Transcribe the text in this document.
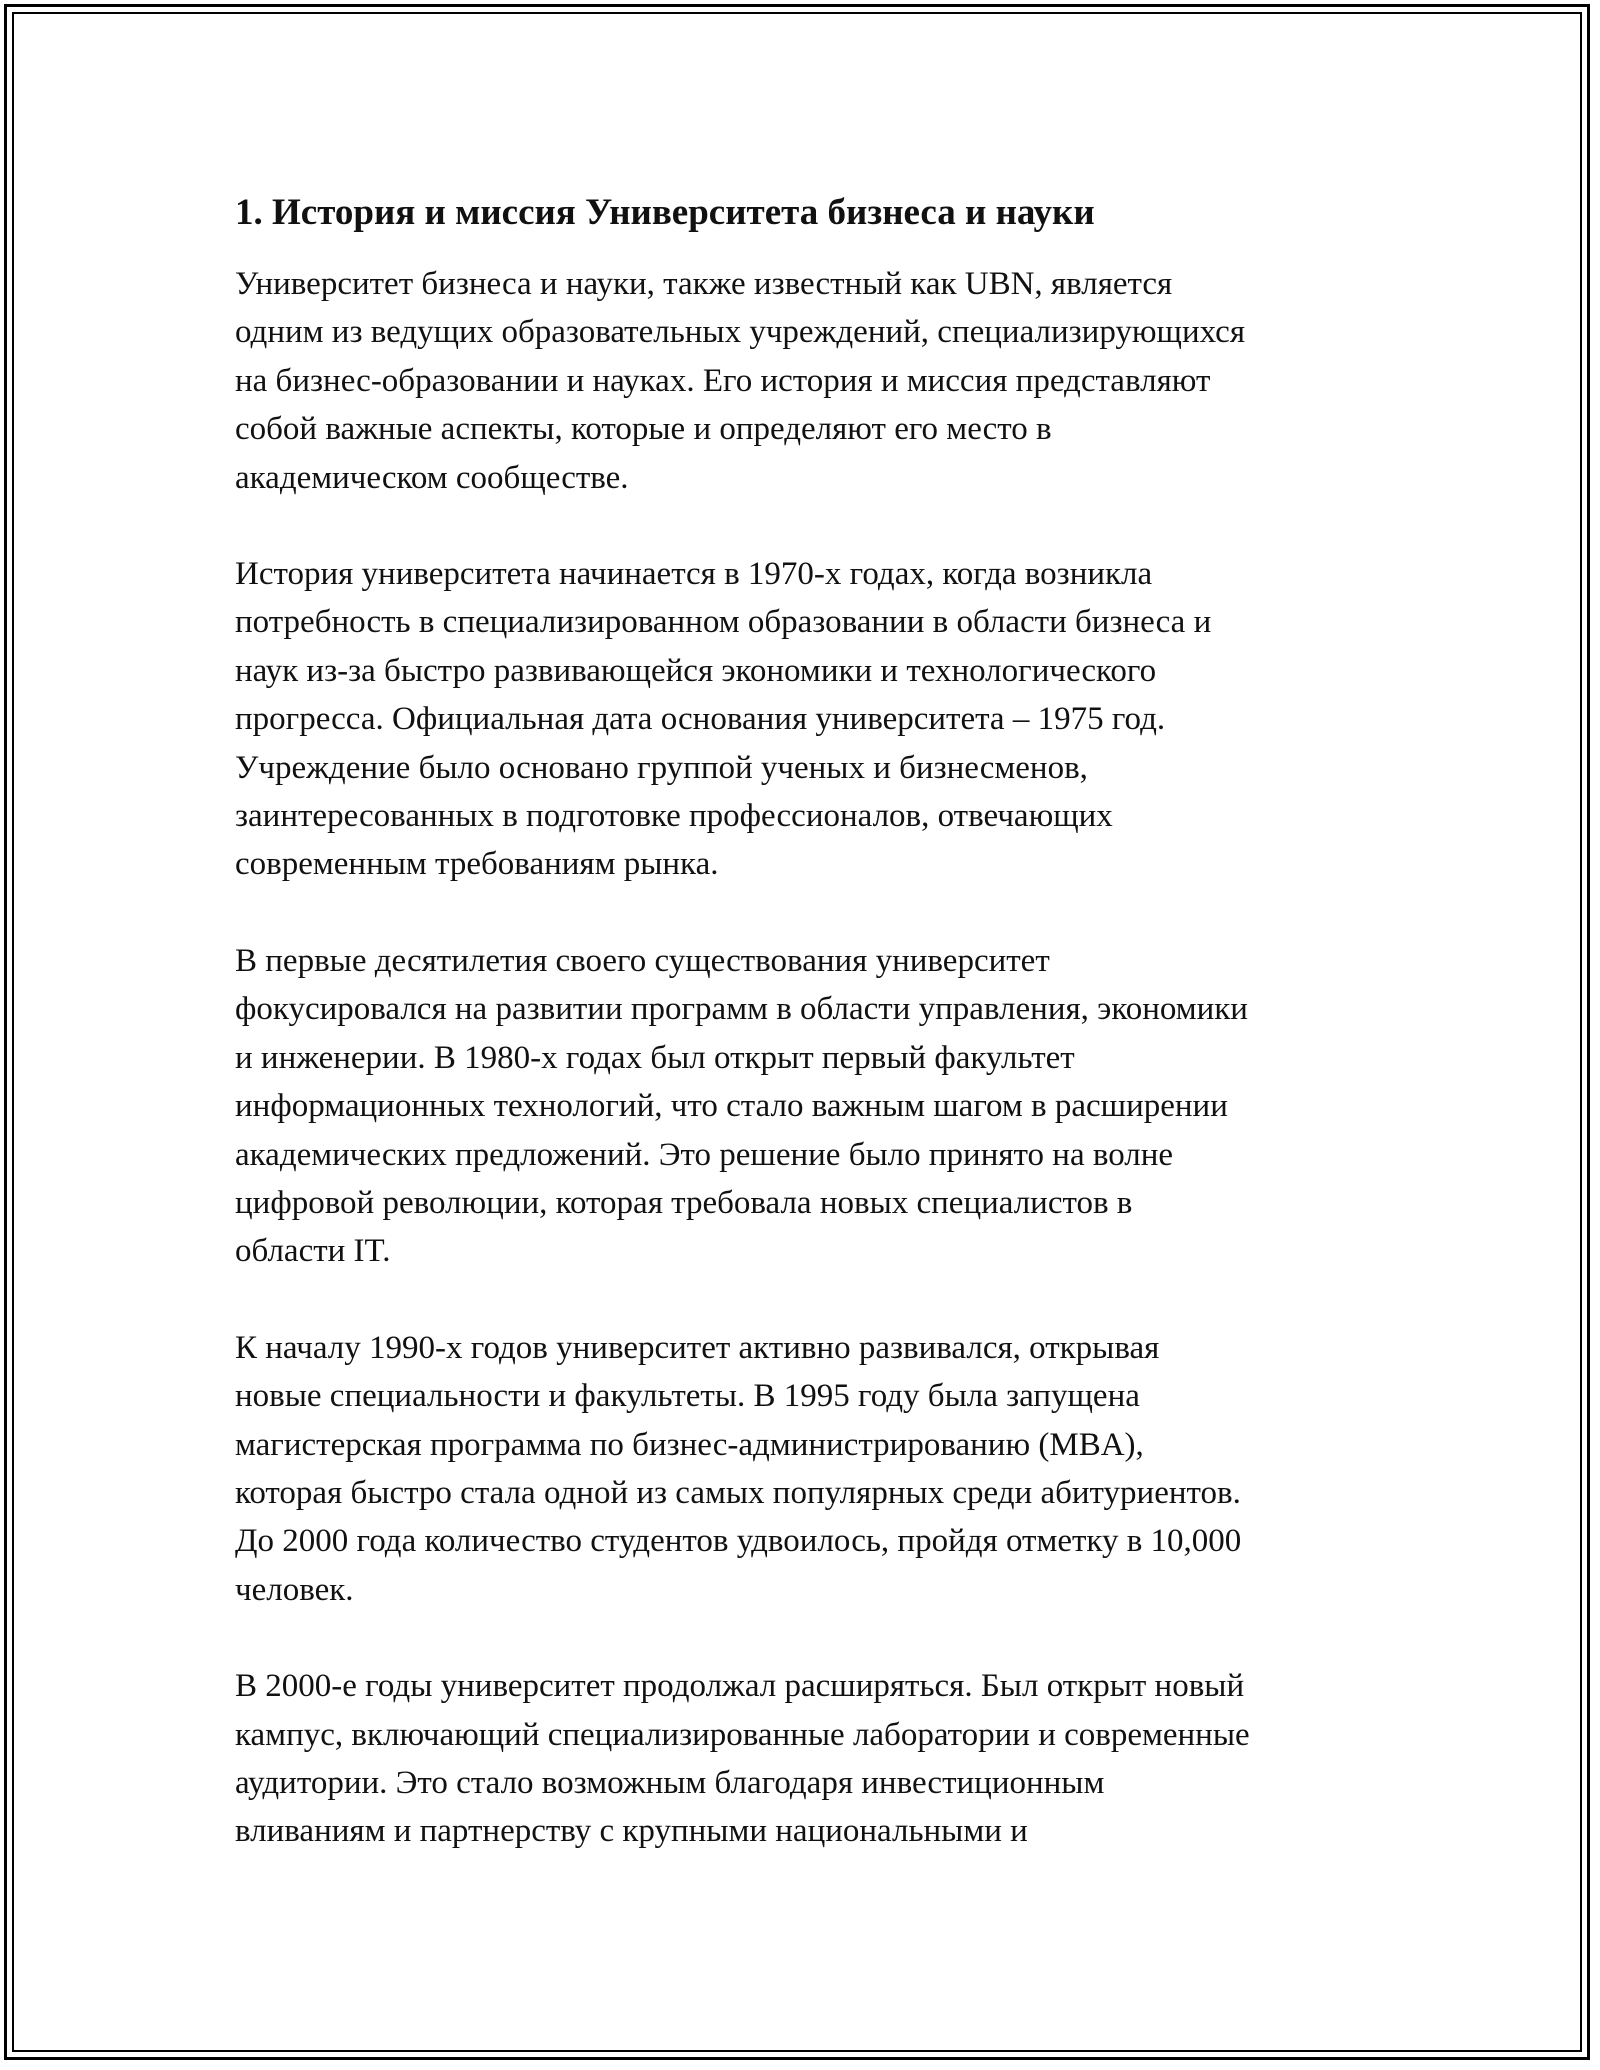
1. История и миссия Университета бизнеса и науки

Университет бизнеса и науки, также известный как UBN, является
одним из ведущих образовательных учреждений, специализирующихся
на бизнес-образовании и науках. Его история и миссия представляют
собой важные аспекты, которые и определяют его место в
академическом сообществе.

История университета начинается в 1970-х годах, когда возникла
потребность в специализированном образовании в области бизнеса и
наук из-за быстро развивающейся экономики и технологического
прогресса. Официальная дата основания университета – 1975 год.
Учреждение было основано группой ученых и бизнесменов,
заинтересованных в подготовке профессионалов, отвечающих
современным требованиям рынка.

В первые десятилетия своего существования университет
фокусировался на развитии программ в области управления, экономики
и инженерии. В 1980-х годах был открыт первый факультет
информационных технологий, что стало важным шагом в расширении
академических предложений. Это решение было принято на волне
цифровой революции, которая требовала новых специалистов в
области IT.

К началу 1990-х годов университет активно развивался, открывая
новые специальности и факультеты. В 1995 году была запущена
магистерская программа по бизнес-администрированию (MBA),
которая быстро стала одной из самых популярных среди абитуриентов.
До 2000 года количество студентов удвоилось, пройдя отметку в 10,000
человек.

В 2000-е годы университет продолжал расширяться. Был открыт новый
кампус, включающий специализированные лаборатории и современные
аудитории. Это стало возможным благодаря инвестиционным
вливаниям и партнерству с крупными национальными и
